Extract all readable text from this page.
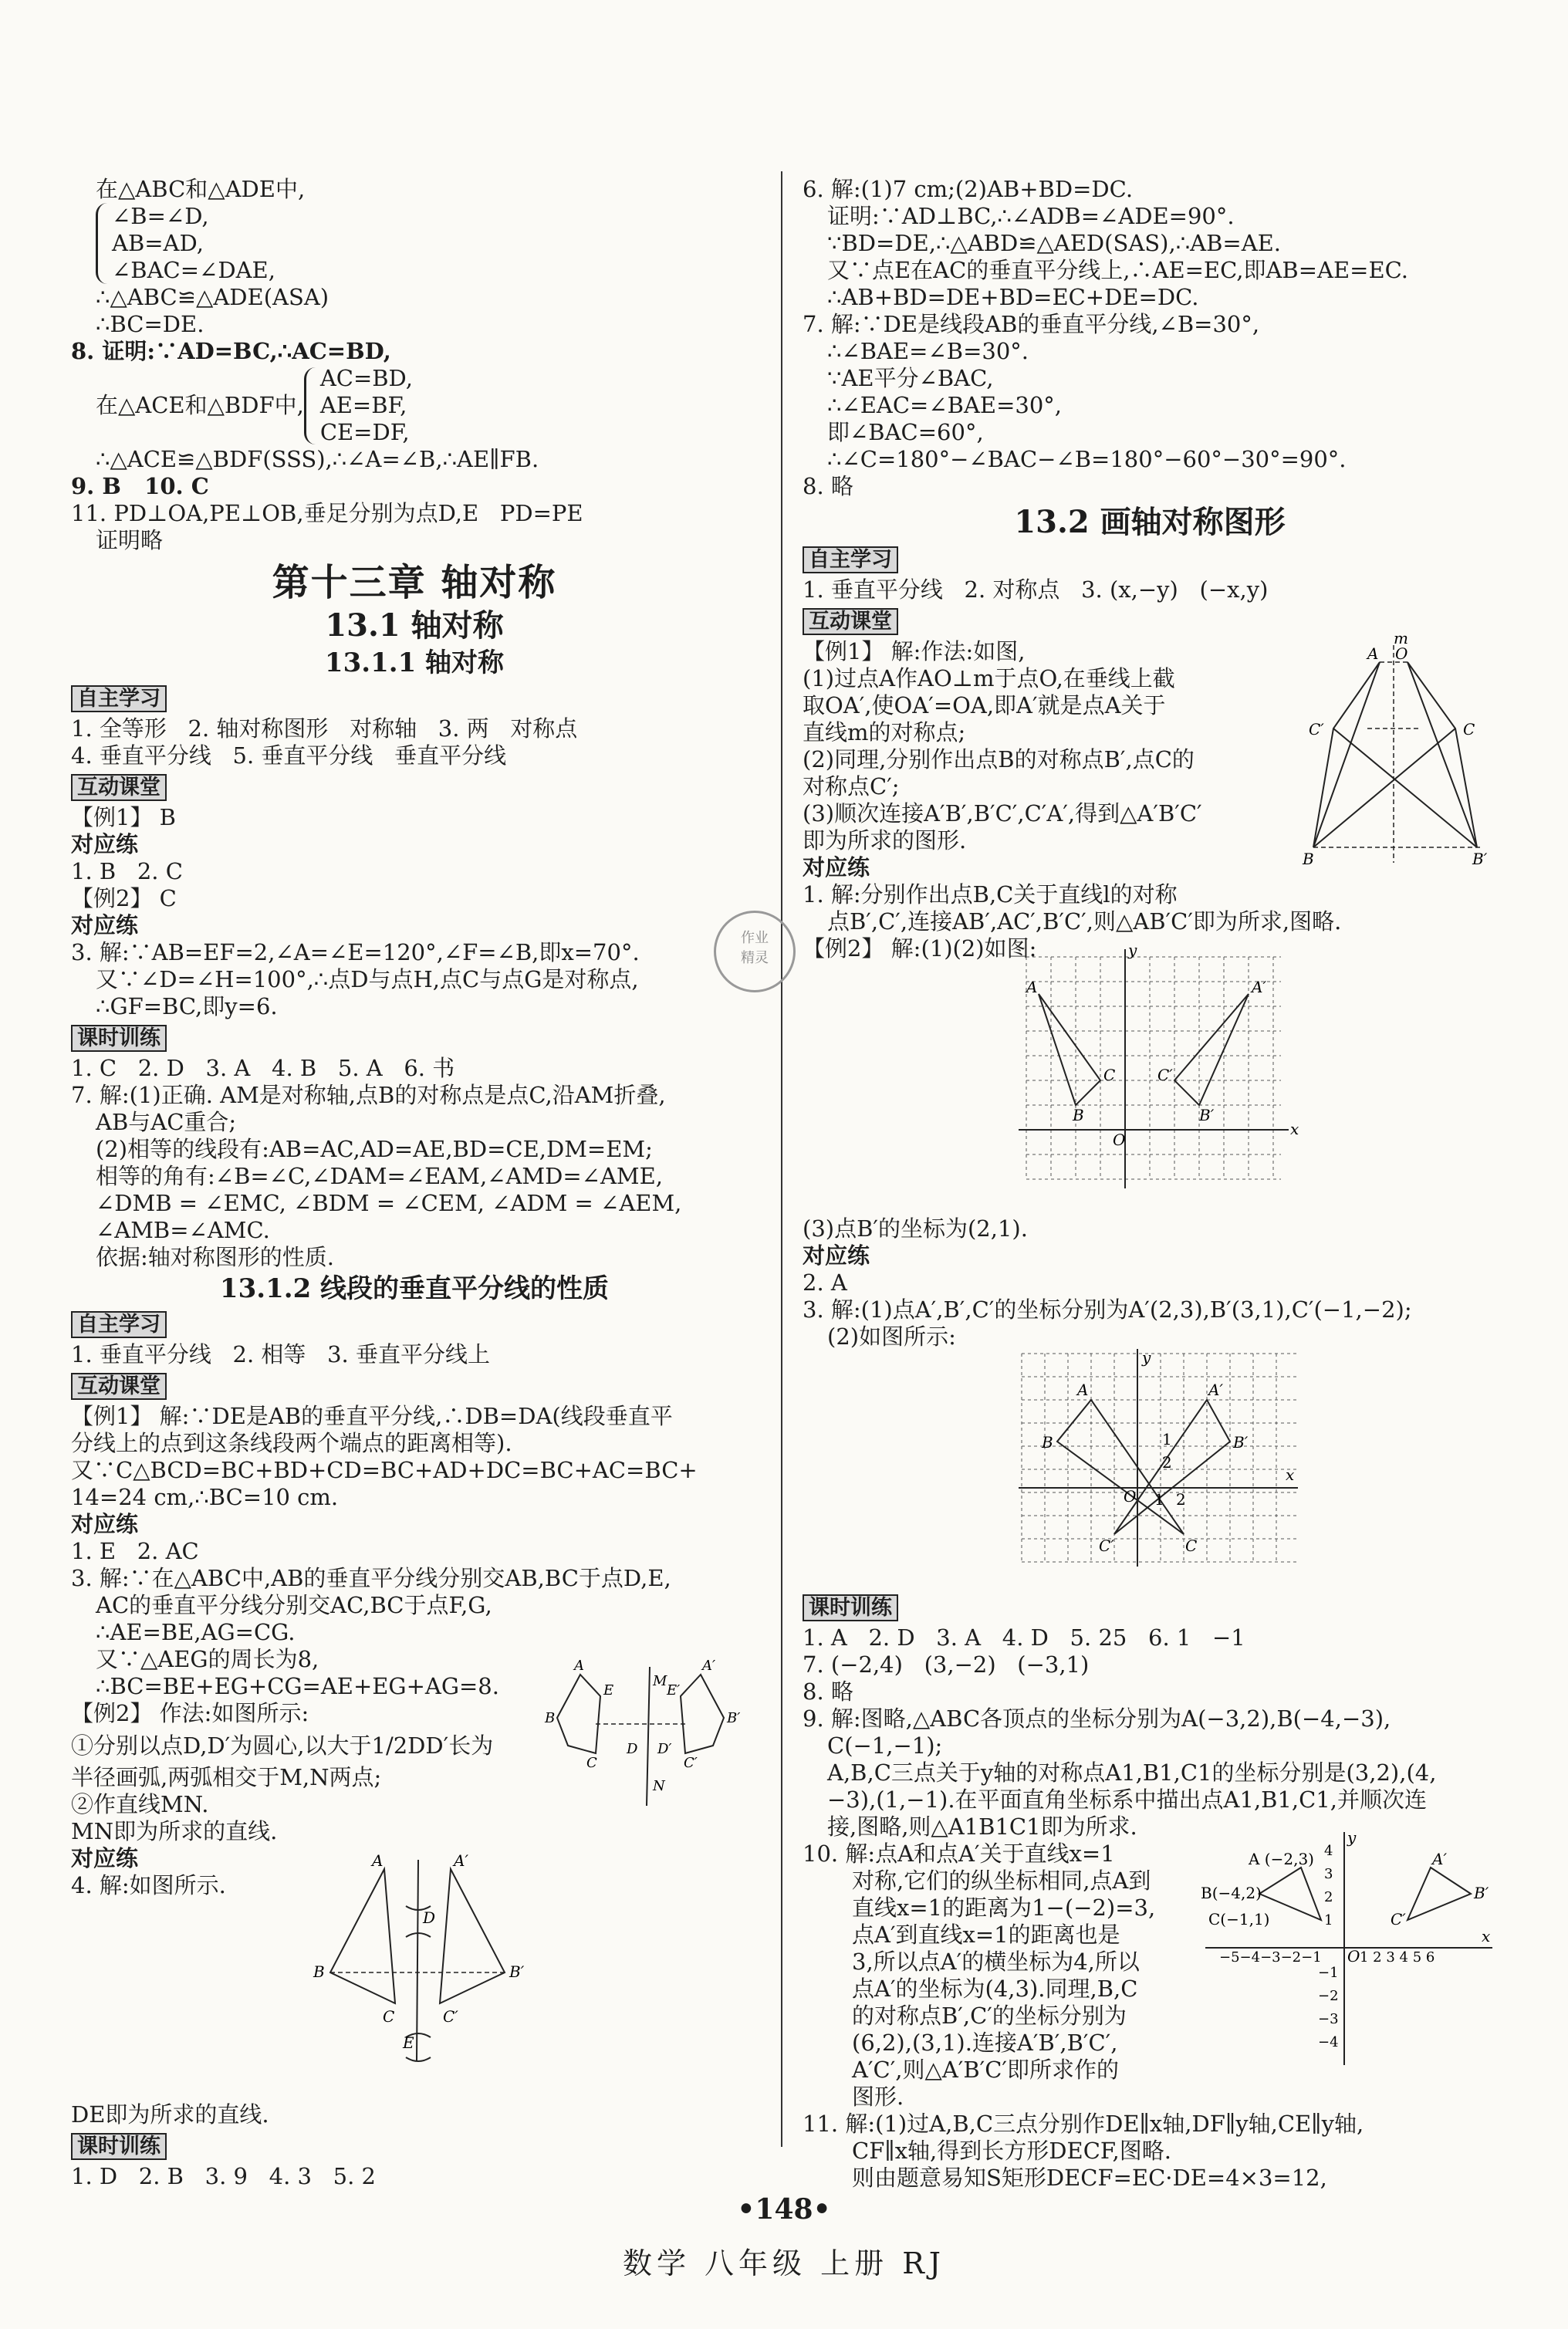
在△ABC和△ADE中,
∠B=∠D,
AB=AD,
∠BAC=∠DAE,
∴△ABC≌△ADE(ASA)
∴BC=DE.
8. 证明:∵AD=BC,∴AC=BD,
在△ACE和△BDF中,
AC=BD,
AE=BF,
CE=DF,
∴△ACE≌△BDF(SSS),∴∠A=∠B,∴AE∥FB.
9. B   10. C
11. PD⊥OA,PE⊥OB,垂足分别为点D,E   PD=PE
证明略
第十三章 轴对称
13.1 轴对称
13.1.1 轴对称
自主学习
1. 全等形   2. 轴对称图形   对称轴   3. 两   对称点
4. 垂直平分线   5. 垂直平分线   垂直平分线
互动课堂
【例1】 B
对应练
1. B   2. C
【例2】 C
对应练
3. 解:∵AB=EF=2,∠A=∠E=120°,∠F=∠B,即x=70°.
又∵∠D=∠H=100°,∴点D与点H,点C与点G是对称点,
∴GF=BC,即y=6.
课时训练
1. C   2. D   3. A   4. B   5. A   6. 书
7. 解:(1)正确. AM是对称轴,点B的对称点是点C,沿AM折叠,
AB与AC重合;
(2)相等的线段有:AB=AC,AD=AE,BD=CE,DM=EM;
相等的角有:∠B=∠C,∠DAM=∠EAM,∠AMD=∠AME,
∠DMB = ∠EMC, ∠BDM = ∠CEM, ∠ADM = ∠AEM,
∠AMB=∠AMC.
依据:轴对称图形的性质.
13.1.2 线段的垂直平分线的性质
自主学习
1. 垂直平分线   2. 相等   3. 垂直平分线上
互动课堂
【例1】 解:∵DE是AB的垂直平分线,∴DB=DA(线段垂直平
分线上的点到这条线段两个端点的距离相等).
又∵C△BCD=BC+BD+CD=BC+AD+DC=BC+AC=BC+
14=24 cm,∴BC=10 cm.
对应练
1. E   2. AC
3. 解:∵在△ABC中,AB的垂直平分线分别交AB,BC于点D,E,
AC的垂直平分线分别交AC,BC于点F,G,
∴AE=BE,AG=CG.
又∵△AEG的周长为8,
∴BC=BE+EG+CG=AE+EG+AG=8.
【例2】 作法:如图所示:
①分别以点D,D′为圆心,以大于1/2DD′长为
半径画弧,两弧相交于M,N两点;
②作直线MN.
MN即为所求的直线.
对应练
4. 解:如图所示.
DE即为所求的直线.
课时训练
1. D   2. B   3. 9   4. 3   5. 2
6. 解:(1)7 cm;(2)AB+BD=DC.
证明:∵AD⊥BC,∴∠ADB=∠ADE=90°.
∵BD=DE,∴△ABD≌△AED(SAS),∴AB=AE.
又∵点E在AC的垂直平分线上,∴AE=EC,即AB=AE=EC.
∴AB+BD=DE+BD=EC+DE=DC.
7. 解:∵DE是线段AB的垂直平分线,∠B=30°,
∴∠BAE=∠B=30°.
∵AE平分∠BAC,
∴∠EAC=∠BAE=30°,
即∠BAC=60°,
∴∠C=180°−∠BAC−∠B=180°−60°−30°=90°.
8. 略
13.2 画轴对称图形
自主学习
1. 垂直平分线   2. 对称点   3. (x,−y)   (−x,y)
互动课堂
【例1】 解:作法:如图,
(1)过点A作AO⊥m于点O,在垂线上截
取OA′,使OA′=OA,即A′就是点A关于
直线m的对称点;
(2)同理,分别作出点B的对称点B′,点C的
对称点C′;
(3)顺次连接A′B′,B′C′,C′A′,得到△A′B′C′
即为所求的图形.
对应练
1. 解:分别作出点B,C关于直线l的对称
点B′,C′,连接AB′,AC′,B′C′,则△AB′C′即为所求,图略.
【例2】 解:(1)(2)如图:
(3)点B′的坐标为(2,1).
对应练
2. A
3. 解:(1)点A′,B′,C′的坐标分别为A′(2,3),B′(3,1),C′(−1,−2);
(2)如图所示:
课时训练
1. A   2. D   3. A   4. D   5. 25   6. 1   −1
7. (−2,4)   (3,−2)   (−3,1)
8. 略
9. 解:图略,△ABC各顶点的坐标分别为A(−3,2),B(−4,−3),
C(−1,−1);
A,B,C三点关于y轴的对称点A1,B1,C1的坐标分别是(3,2),(4,
−3),(1,−1).在平面直角坐标系中描出点A1,B1,C1,并顺次连
接,图略,则△A1B1C1即为所求.
10. 解:点A和点A′关于直线x=1
对称,它们的纵坐标相同,点A到
直线x=1的距离为1−(−2)=3,
点A′到直线x=1的距离也是
3,所以点A′的横坐标为4,所以
点A′的坐标为(4,3).同理,B,C
的对称点B′,C′的坐标分别为
(6,2),(3,1).连接A′B′,B′C′,
A′C′,则△A′B′C′即所求作的
图形.
11. 解:(1)过A,B,C三点分别作DE∥x轴,DF∥y轴,CE∥y轴,
CF∥x轴,得到长方形DECF,图略.
则由题意易知S矩形DECF=EC·DE=4×3=12,
A
E
M
E′
A′
B
D D′
B′
C	C′
N
A
D
A′
B	B′
C
E
C′
m
O
A
C′	C
B	B′
y
x
A	A′
C	C′
B	B′
O
y
x
A	A′
B	B′
C′	C
O
1
2
1 2
y
x
A (−2,3)
B(−4,2)
C(−1,1)
A′
B′
C′
O
−5−4−3−2−1	1 2 3 4 5 6
4
3
2
1
−1
−2
−3
−4
作业
精灵
•148•
数学 八年级 上册 RJ
